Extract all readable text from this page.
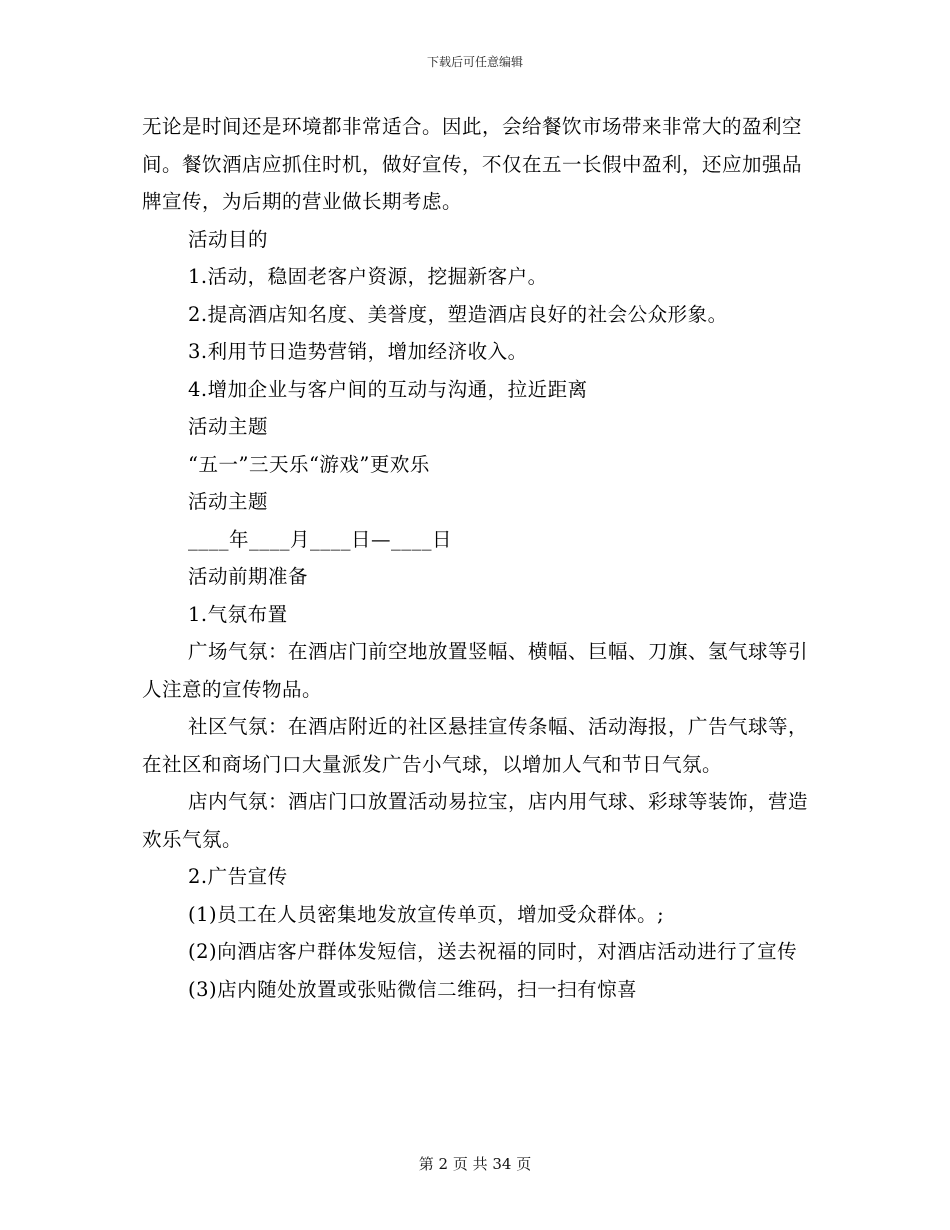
下载后可任意编辑

无论是时间还是环境都非常适合。因此，会给餐饮市场带来非常大的盈利空间。餐饮酒店应抓住时机，做好宣传，不仅在五一长假中盈利，还应加强品牌宣传，为后期的营业做长期考虑。

活动目的

1.活动，稳固老客户资源，挖掘新客户。

2.提高酒店知名度、美誉度，塑造酒店良好的社会公众形象。

3.利用节日造势营销，增加经济收入。

4.增加企业与客户间的互动与沟通，拉近距离

活动主题

“五一”三天乐“游戏”更欢乐

活动主题

____年____月____日—____日

活动前期准备

1.气氛布置

广场气氛：在酒店门前空地放置竖幅、横幅、巨幅、刀旗、氢气球等引人注意的宣传物品。

社区气氛：在酒店附近的社区悬挂宣传条幅、活动海报，广告气球等，在社区和商场门口大量派发广告小气球，以增加人气和节日气氛。

店内气氛：酒店门口放置活动易拉宝，店内用气球、彩球等装饰，营造欢乐气氛。

2.广告宣传

(1)员工在人员密集地发放宣传单页，增加受众群体。;

(2)向酒店客户群体发短信，送去祝福的同时，对酒店活动进行了宣传

(3)店内随处放置或张贴微信二维码，扫一扫有惊喜

第 2 页 共 34 页
